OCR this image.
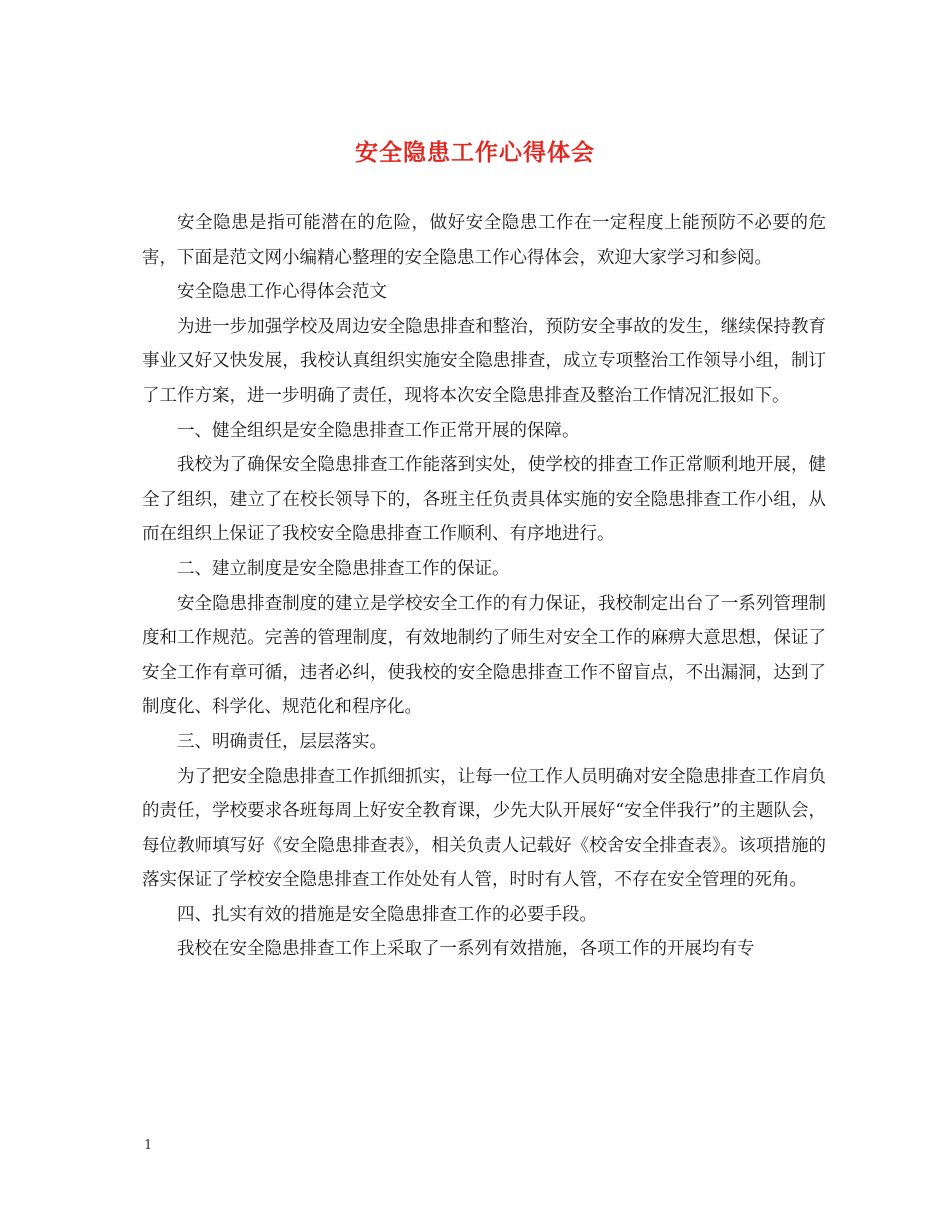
安全隐患工作心得体会

安全隐患是指可能潜在的危险，做好安全隐患工作在一定程度上能预防不必要的危害，下面是范文网小编精心整理的安全隐患工作心得体会，欢迎大家学习和参阅。

安全隐患工作心得体会范文

为进一步加强学校及周边安全隐患排查和整治，预防安全事故的发生，继续保持教育事业又好又快发展，我校认真组织实施安全隐患排查，成立专项整治工作领导小组，制订了工作方案，进一步明确了责任，现将本次安全隐患排查及整治工作情况汇报如下。

一、健全组织是安全隐患排查工作正常开展的保障。

我校为了确保安全隐患排查工作能落到实处，使学校的排查工作正常顺利地开展，健全了组织，建立了在校长领导下的，各班主任负责具体实施的安全隐患排查工作小组，从而在组织上保证了我校安全隐患排查工作顺利、有序地进行。

二、建立制度是安全隐患排查工作的保证。

安全隐患排查制度的建立是学校安全工作的有力保证，我校制定出台了一系列管理制度和工作规范。完善的管理制度，有效地制约了师生对安全工作的麻痹大意思想，保证了安全工作有章可循，违者必纠，使我校的安全隐患排查工作不留盲点，不出漏洞，达到了制度化、科学化、规范化和程序化。

三、明确责任，层层落实。

为了把安全隐患排查工作抓细抓实，让每一位工作人员明确对安全隐患排查工作肩负的责任，学校要求各班每周上好安全教育课，少先大队开展好“安全伴我行”的主题队会，每位教师填写好《安全隐患排查表》，相关负责人记载好《校舍安全排查表》。该项措施的落实保证了学校安全隐患排查工作处处有人管，时时有人管，不存在安全管理的死角。

四、扎实有效的措施是安全隐患排查工作的必要手段。

我校在安全隐患排查工作上采取了一系列有效措施，各项工作的开展均有专

1
